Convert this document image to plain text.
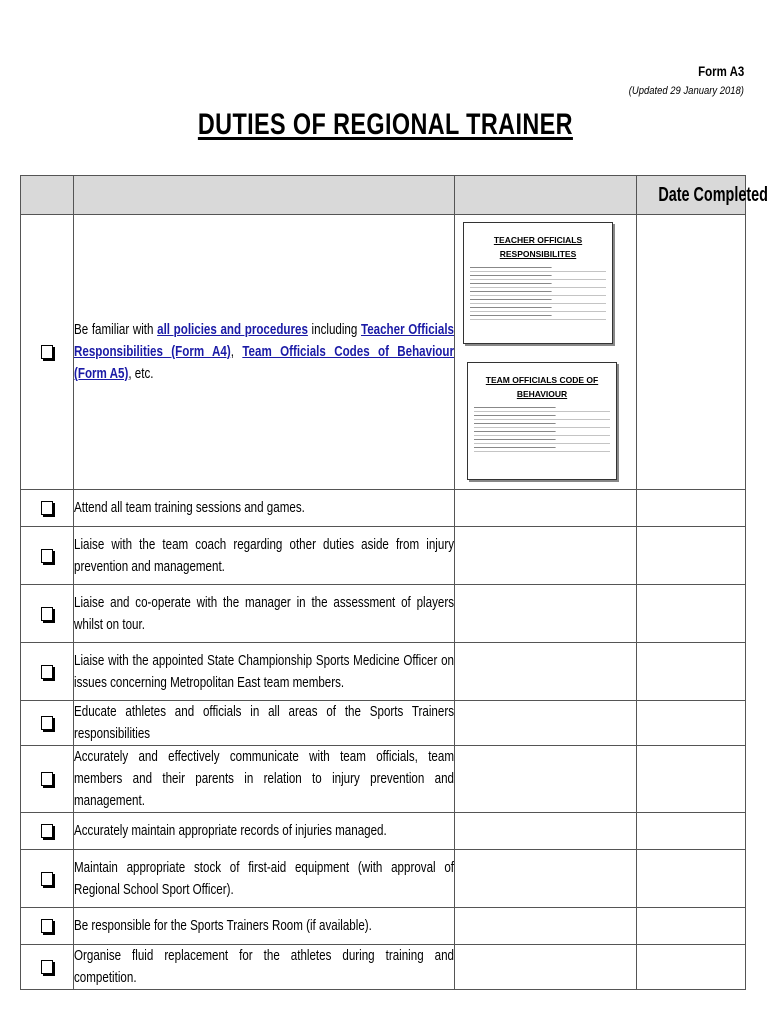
Form A3
(Updated 29 January 2018)
DUTIES OF REGIONAL TRAINER
			Date Completed

	Be familiar with all policies and procedures including Teacher Officials Responsibilities (Form A4), Team Officials Codes of Behaviour (Form A5), etc.	TEACHER OFFICIALS
RESPONSIBILITES
TEAM OFFICIALS CODE OF
BEHAVIOUR	

	Attend all team training sessions and games.		

	Liaise with the team coach regarding other duties aside from injury prevention and management.		

	Liaise and co-operate with the manager in the assessment of players whilst on tour.		

	Liaise with the appointed State Championship Sports Medicine Officer on issues concerning Metropolitan East team members.		

	Educate athletes and officials in all areas of the Sports Trainers responsibilities		

	Accurately and effectively communicate with team officials, team members and their parents in relation to injury prevention and management.		

	Accurately maintain appropriate records of injuries managed.		

	Maintain appropriate stock of first-aid equipment (with approval of Regional School Sport Officer).		

	Be responsible for the Sports Trainers Room (if available).		

	Organise fluid replacement for the athletes during training and competition.		
